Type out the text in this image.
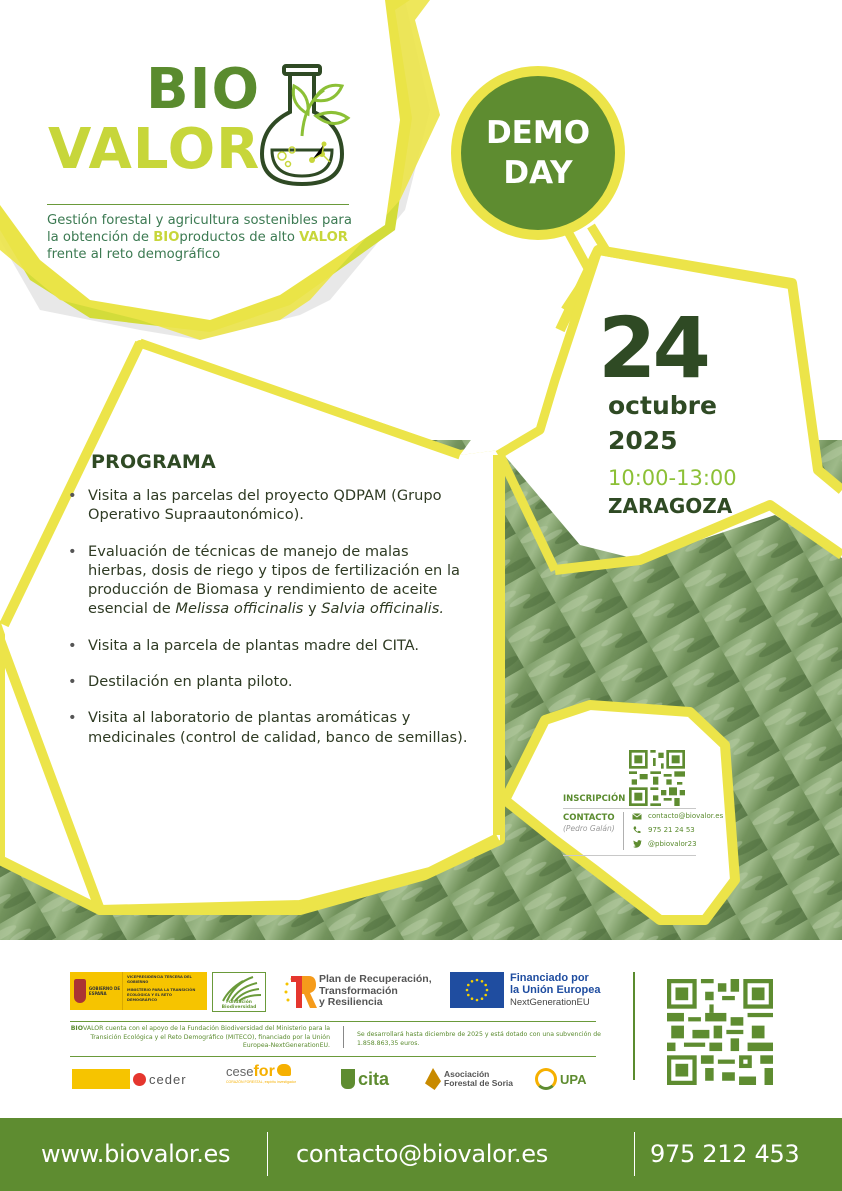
BIO
VALOR
Gestión forestal y agricultura sostenibles para la obtención de BIOproductos de alto VALOR frente al reto demográfico
DEMO
DAY
24
octubre
2025
10:00-13:00
ZARAGOZA
PROGRAMA
• Visita a las parcelas del proyecto QDPAM (Grupo Operativo Supraautonómico).
• Evaluación de técnicas de manejo de malas hierbas, dosis de riego y tipos de fertilización en la producción de Biomasa y rendimiento de aceite esencial de Melissa officinalis y Salvia officinalis.
• Visita a la parcela de plantas madre del CITA.
• Destilación en planta piloto.
• Visita al laboratorio de plantas aromáticas y medicinales (control de calidad, banco de semillas).
INSCRIPCIÓN
CONTACTO
(Pedro Galán)
contacto@biovalor.es
975 21 24 53
@pbiovalor23
GOBIERNO DE ESPAÑA
VICEPRESIDENCIA TERCERA DEL GOBIERNO
MINISTERIO PARA LA TRANSICIÓN ECOLÓGICA Y EL RETO DEMOGRÁFICO	Fundación Biodiversidad
Plan de Recuperación,
Transformación
y Resiliencia
Financiado por
la Unión Europea
NextGenerationEU
BIOVALOR cuenta con el apoyo de la Fundación Biodiversidad del Ministerio para la Transición Ecológica y el Reto Demográfico (MITECO), financiado por la Unión Europea-NextGenerationEU.
Se desarrollará hasta diciembre de 2025 y está dotado con una subvención de 1.858.863,35 euros.
ceder	cesefor
CORAZÓN FORESTAL, espíritu investigador	cita	Asociación
Forestal de Soria	UPA
www.biovalor.es	contacto@biovalor.es	975 212 453
